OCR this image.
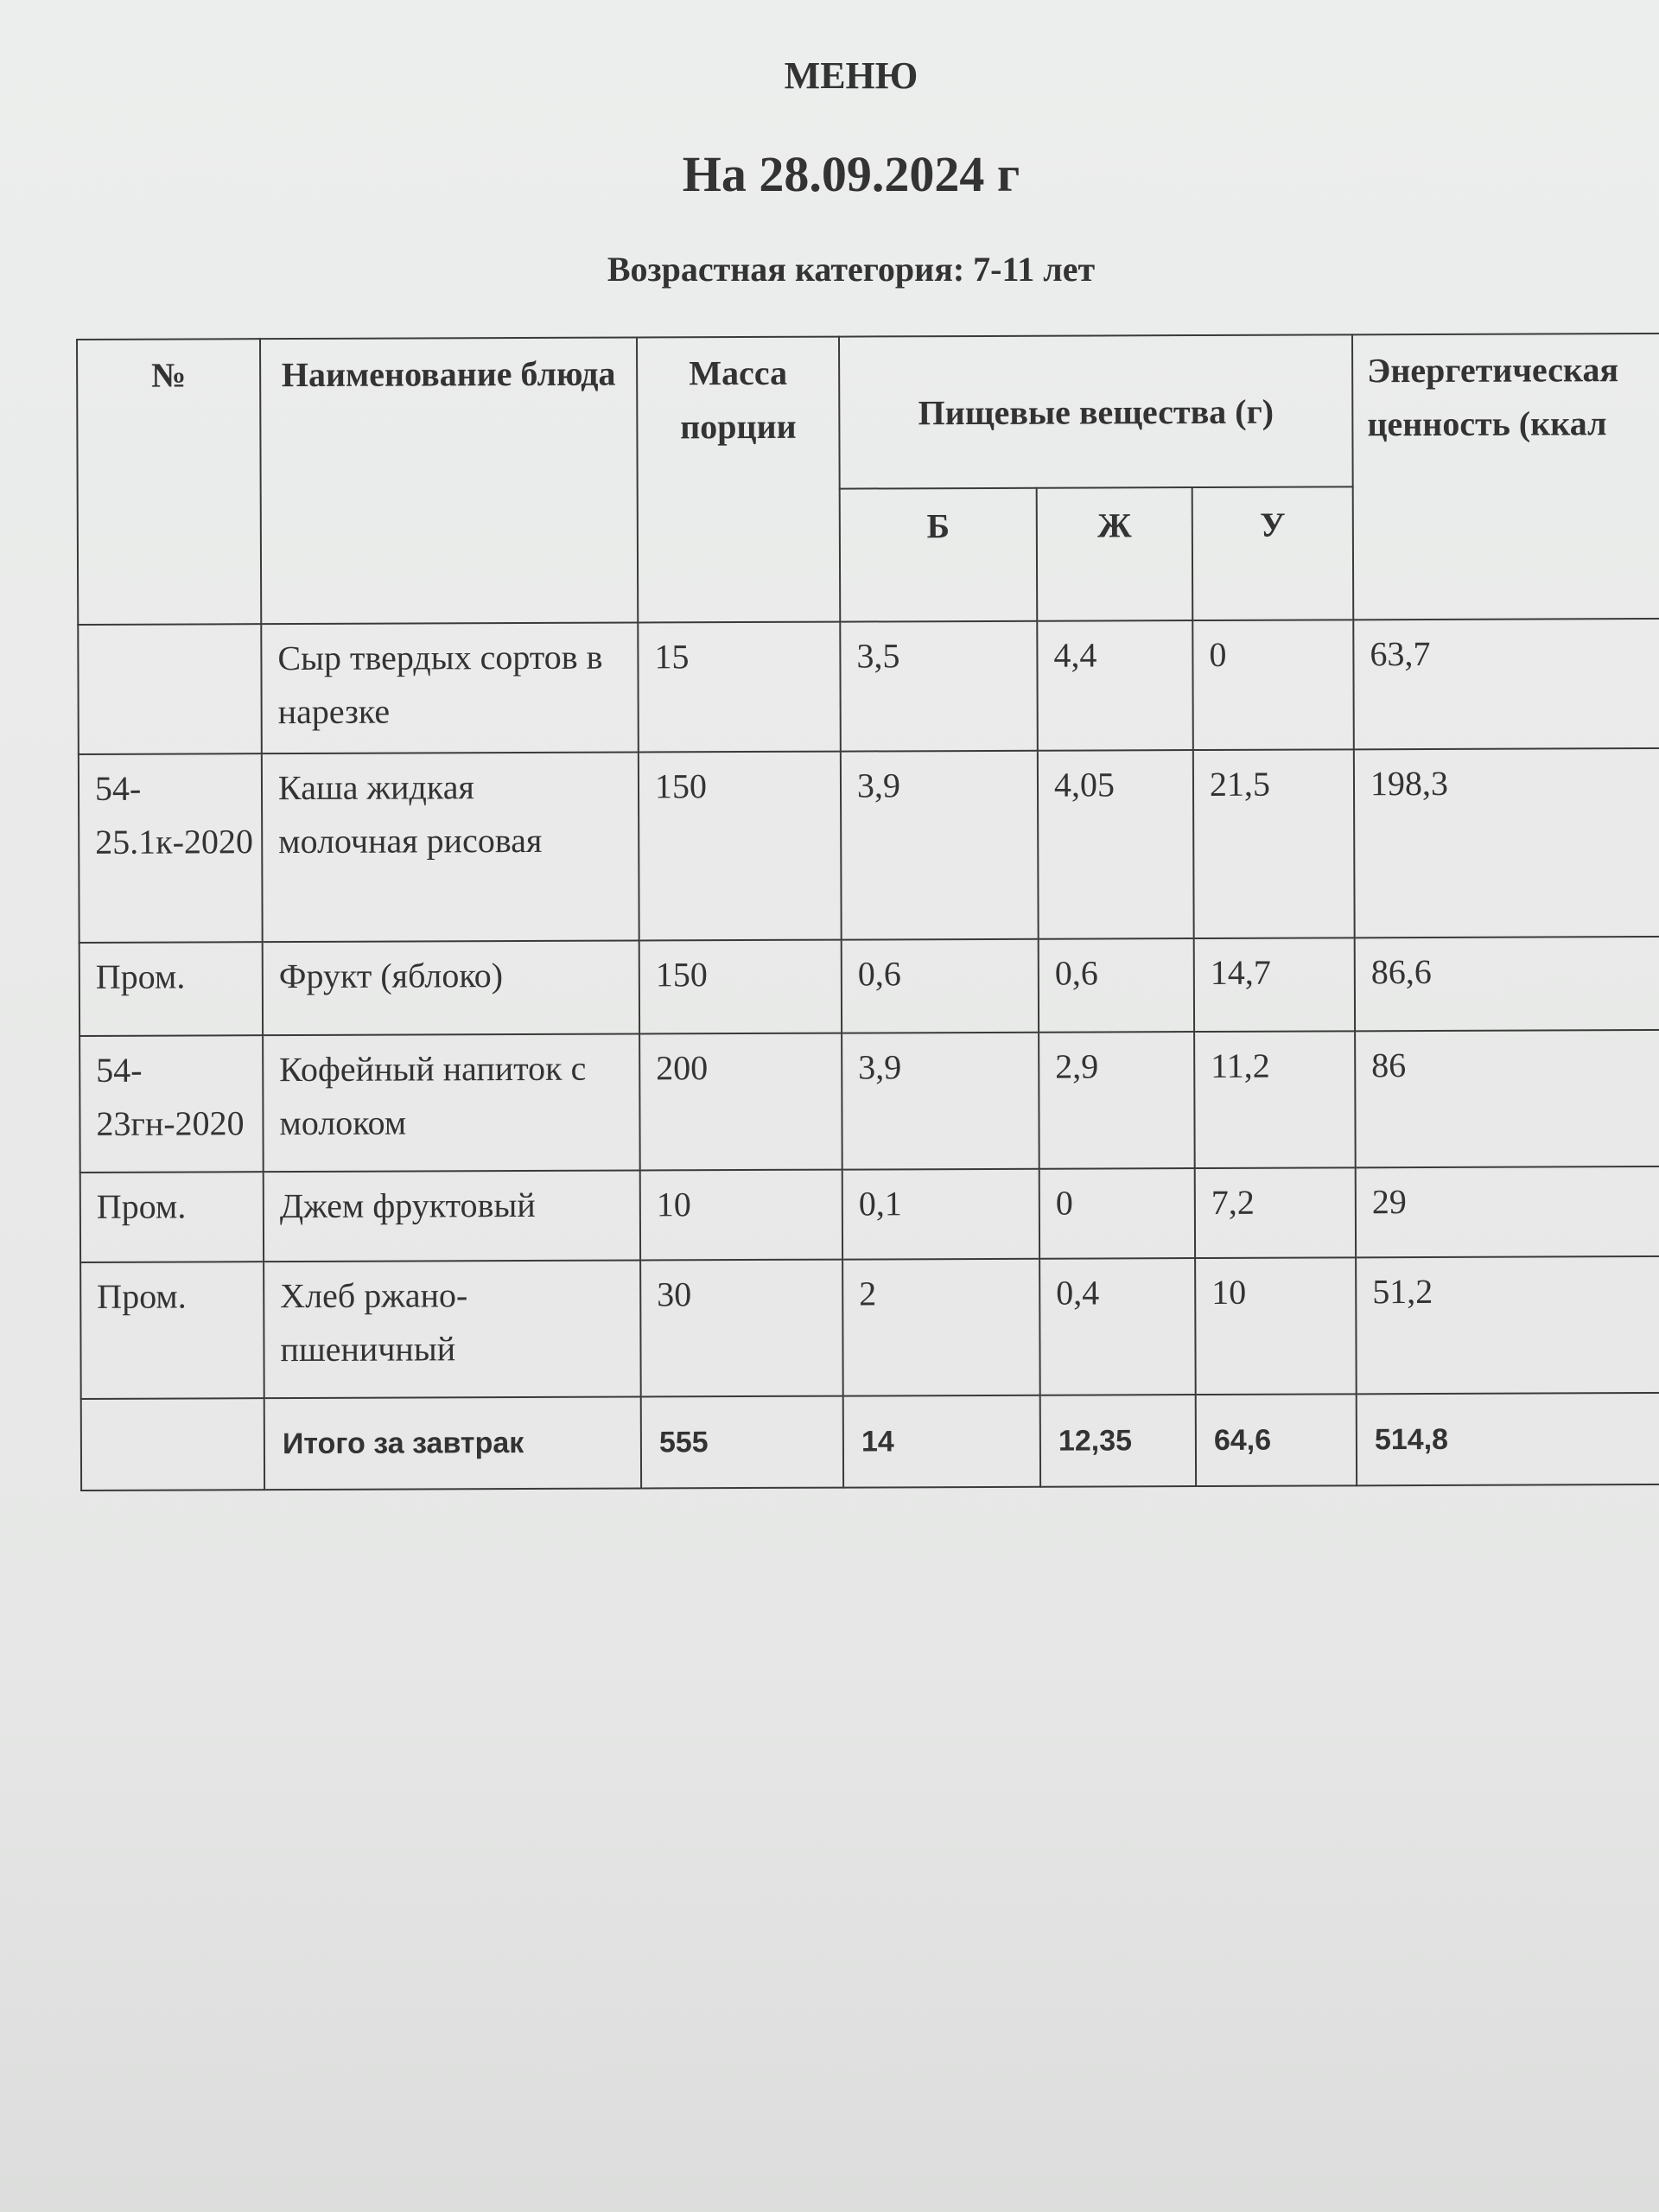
МЕНЮ
На 28.09.2024 г
Возрастная категория: 7-11 лет
№	Наименование блюда	Масса порции	Пищевые вещества (г)			Энергетическая ценность (ккал

			Б	Ж	У	
	Сыр твердых сортов в нарезке	15	3,5	4,4	0	63,7
54-25.1к-2020	Каша жидкая молочная рисовая	150	3,9	4,05	21,5	198,3
Пром.	Фрукт (яблоко)	150	0,6	0,6	14,7	86,6
54-23гн-2020	Кофейный напиток с молоком	200	3,9	2,9	11,2	86
Пром.	Джем фруктовый	10	0,1	0	7,2	29
Пром.	Хлеб ржано-пшеничный	30	2	0,4	10	51,2
	Итого за завтрак	555	14	12,35	64,6	514,8
